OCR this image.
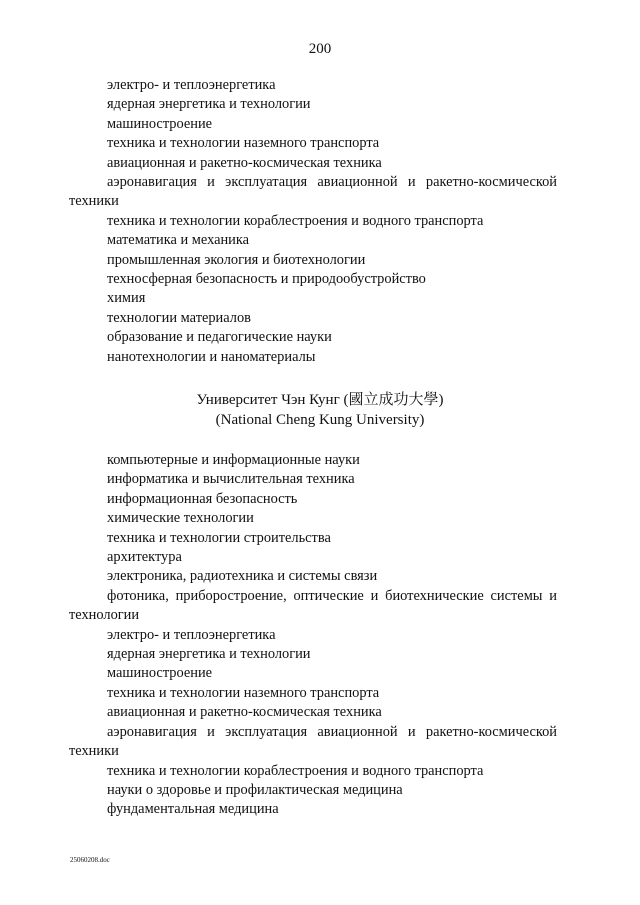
200
электро- и теплоэнергетика
ядерная энергетика и технологии
машиностроение
техника и технологии наземного транспорта
авиационная и ракетно-космическая техника
аэронавигация и эксплуатация авиационной и ракетно-космической техники
техника и технологии кораблестроения и водного транспорта
математика и механика
промышленная экология и биотехнологии
техносферная безопасность и природообустройство
химия
технологии материалов
образование и педагогические науки
нанотехнологии и наноматериалы
Университет Чэн Кунг (國立成功大學)
(National Cheng Kung University)
компьютерные и информационные науки
информатика и вычислительная техника
информационная безопасность
химические технологии
техника и технологии строительства
архитектура
электроника, радиотехника и системы связи
фотоника, приборостроение, оптические и биотехнические системы и технологии
электро- и теплоэнергетика
ядерная энергетика и технологии
машиностроение
техника и технологии наземного транспорта
авиационная и ракетно-космическая техника
аэронавигация и эксплуатация авиационной и ракетно-космической техники
техника и технологии кораблестроения и водного транспорта
науки о здоровье и профилактическая медицина
фундаментальная медицина
25060208.doc
